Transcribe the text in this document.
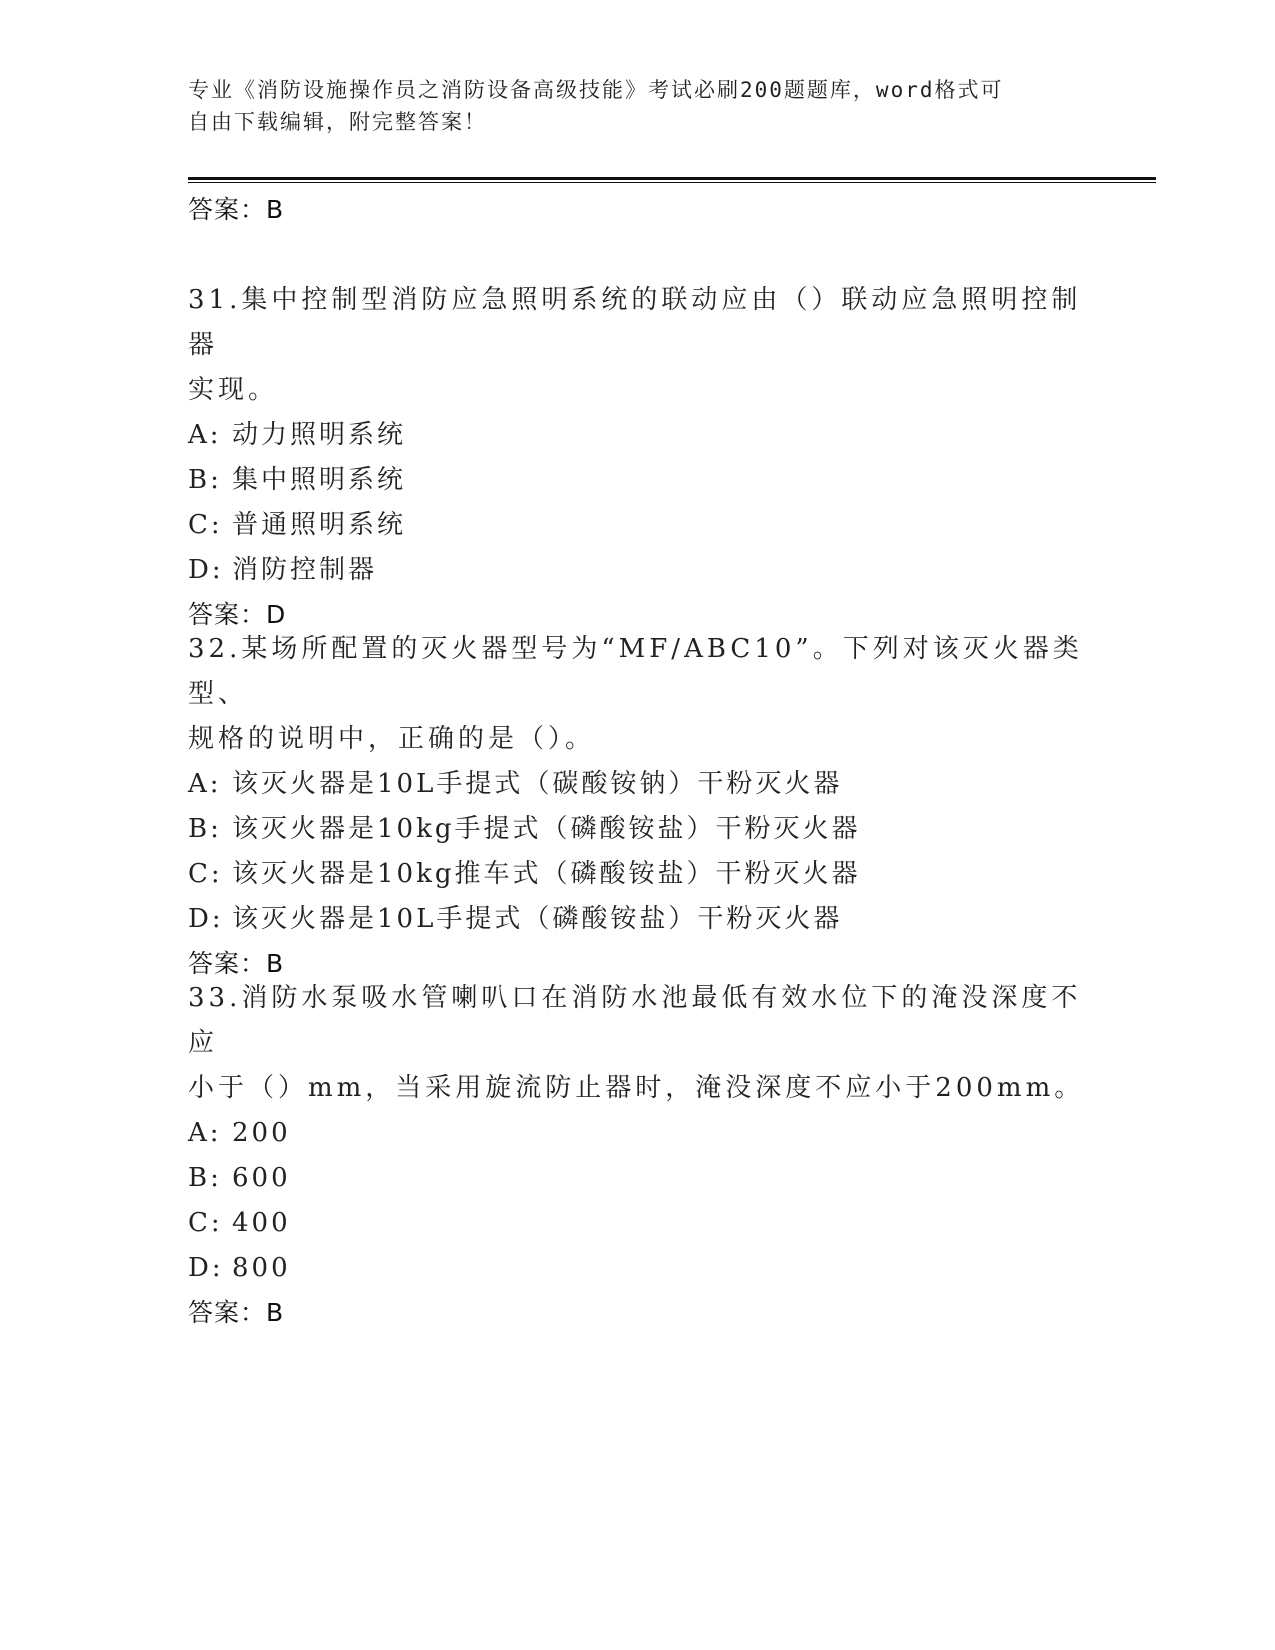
专业《消防设施操作员之消防设备高级技能》考试必刷200题题库，word格式可
自由下载编辑，附完整答案！
答案：B
31.集中控制型消防应急照明系统的联动应由（）联动应急照明控制器
实现。
A: 动力照明系统
B: 集中照明系统
C: 普通照明系统
D: 消防控制器
答案：D
32.某场所配置的灭火器型号为“MF/ABC10”。下列对该灭火器类型、
规格的说明中，正确的是（）。
A: 该灭火器是10L手提式（碳酸铵钠）干粉灭火器
B: 该灭火器是10kg手提式（磷酸铵盐）干粉灭火器
C: 该灭火器是10kg推车式（磷酸铵盐）干粉灭火器
D: 该灭火器是10L手提式（磷酸铵盐）干粉灭火器
答案：B
33.消防水泵吸水管喇叭口在消防水池最低有效水位下的淹没深度不应
小于（）mm，当采用旋流防止器时，淹没深度不应小于200mm。
A: 200
B: 600
C: 400
D: 800
答案：B
